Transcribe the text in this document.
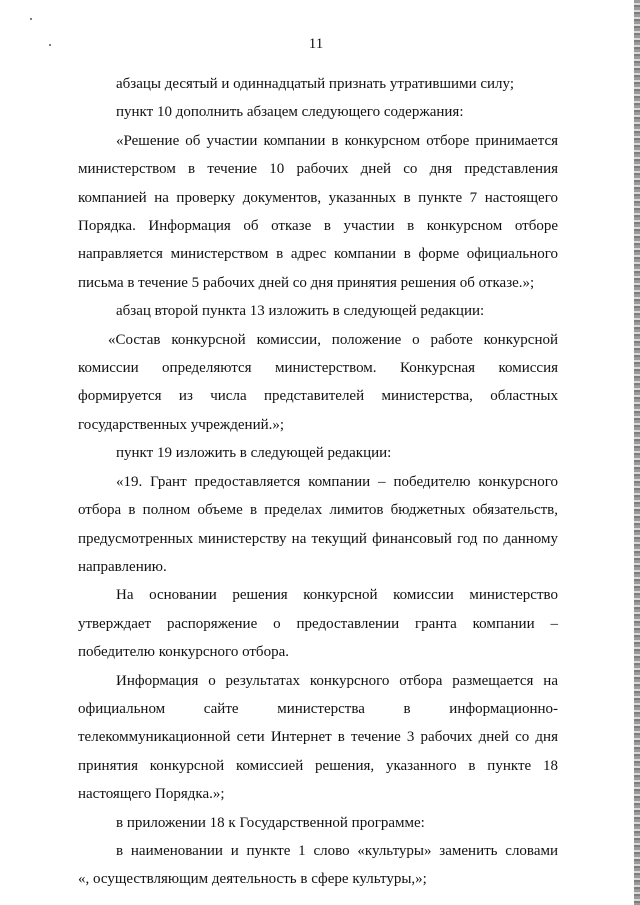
11
абзацы десятый и одиннадцатый признать утратившими силу;
пункт 10 дополнить абзацем следующего содержания:
«Решение об участии компании в конкурсном отборе принимается
министерством в течение 10 рабочих дней со дня представления
компанией на проверку документов, указанных в пункте 7 настоящего
Порядка. Информация об отказе в участии в конкурсном отборе
направляется министерством в адрес компании в форме официального
письма в течение 5 рабочих дней со дня принятия решения об отказе.»;
абзац второй пункта 13 изложить в следующей редакции:
«Состав конкурсной комиссии, положение о работе конкурсной
комиссии определяются министерством. Конкурсная комиссия
формируется из числа представителей министерства, областных
государственных учреждений.»;
пункт 19 изложить в следующей редакции:
«19. Грант предоставляется компании – победителю конкурсного
отбора в полном объеме в пределах лимитов бюджетных обязательств,
предусмотренных министерству на текущий финансовый год по данному
направлению.
На основании решения конкурсной комиссии министерство
утверждает распоряжение о предоставлении гранта компании –
победителю конкурсного отбора.
Информация о результатах конкурсного отбора размещается на
официальном сайте министерства в информационно-
телекоммуникационной сети Интернет в течение 3 рабочих дней со дня
принятия конкурсной комиссией решения, указанного в пункте 18
настоящего Порядка.»;
в приложении 18 к Государственной программе:
в наименовании и пункте 1 слово «культуры» заменить словами
«, осуществляющим деятельность в сфере культуры,»;
